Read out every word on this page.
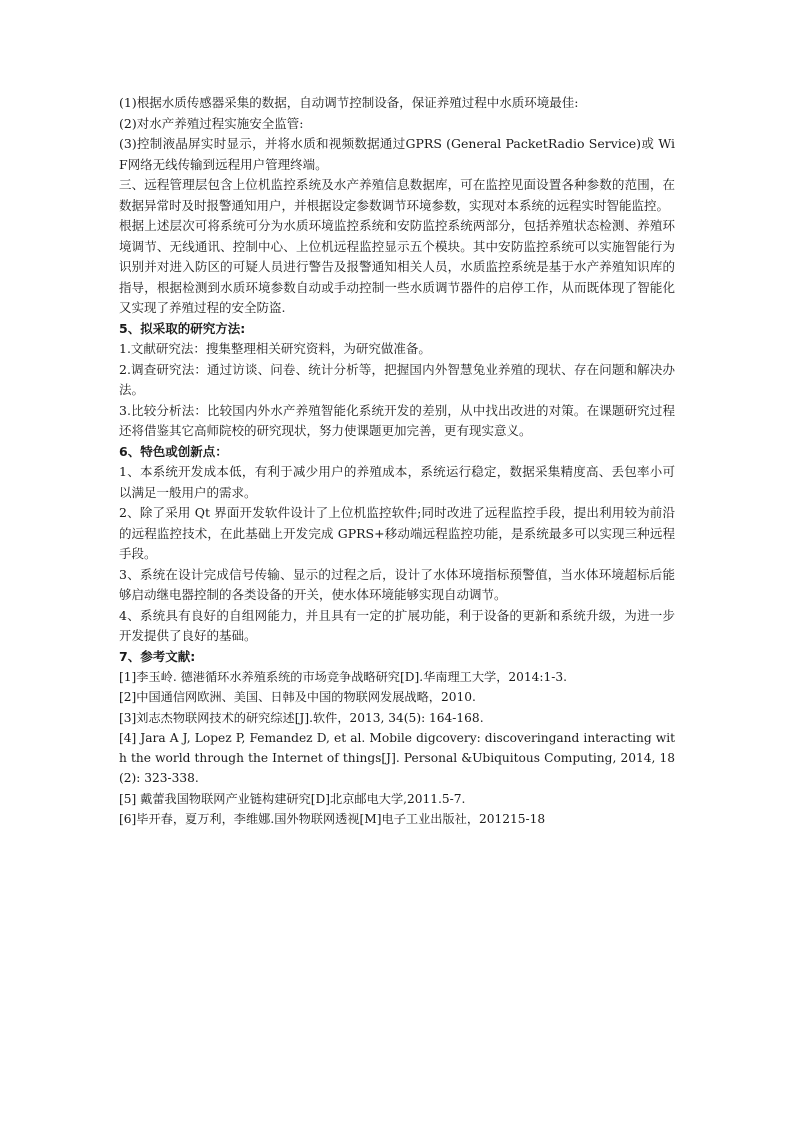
(1)根据水质传感器采集的数据，自动调节控制设备，保证养殖过程中水质环境最佳:

(2)对水产养殖过程实施安全监管:

(3)控制液晶屏实时显示，并将水质和视频数据通过GPRS (General PacketRadio Service)或 WiF网络无线传输到远程用户管理终端。

三、远程管理层包含上位机监控系统及水产养殖信息数据库，可在监控见面设置各种参数的范围，在数据异常时及时报警通知用户，并根据设定参数调节环境参数，实现对本系统的远程实时智能监控。

根据上述层次可将系统可分为水质环境监控系统和安防监控系统两部分，包括养殖状态检测、养殖环境调节、无线通讯、控制中心、上位机远程监控显示五个模块。其中安防监控系统可以实施智能行为识别并对进入防区的可疑人员进行警告及报警通知相关人员，水质监控系统是基于水产养殖知识库的指导，根据检测到水质环境参数自动或手动控制一些水质调节器件的启停工作，从而既体现了智能化又实现了养殖过程的安全防盗.

5、拟采取的研究方法:

1.文献研究法：搜集整理相关研究资料，为研究做准备。

2.调查研究法：通过访谈、问卷、统计分析等，把握国内外智慧兔业养殖的现状、存在问题和解决办法。

3.比较分析法：比较国内外水产养殖智能化系统开发的差别，从中找出改进的对策。在课题研究过程还将借鉴其它高师院校的研究现状，努力使课题更加完善，更有现实意义。

6、特色或创新点：

1、本系统开发成本低，有利于减少用户的养殖成本，系统运行稳定，数据采集精度高、丢包率小可以满足一般用户的需求。

2、除了采用 Qt 界面开发软件设计了上位机监控软件;同时改进了远程监控手段，提出利用较为前沿的远程监控技术，在此基础上开发完成 GPRS+移动端远程监控功能，是系统最多可以实现三种远程手段。

3、系统在设计完成信号传输、显示的过程之后，设计了水体环境指标预警值，当水体环境超标后能够启动继电器控制的各类设备的开关，使水体环境能够实现自动调节。

4、系统具有良好的自组网能力，并且具有一定的扩展功能，利于设备的更新和系统升级，为进一步开发提供了良好的基础。

7、参考文献:

[1]李玉岭. 德港循环水养殖系统的市场竞争战略研究[D].华南理工大学，2014:1-3.

[2]中国通信网欧洲、美国、日韩及中国的物联网发展战略，2010.

[3]刘志杰物联网技术的研究综述[J].软件，2013, 34(5): 164-168.

[4] Jara A J, Lopez P, Femandez D, et al. Mobile digcovery: discoveringand interacting with the world through the Internet of things[J]. Personal &Ubiquitous Computing, 2014, 18(2): 323-338.

[5] 戴蕾我国物联网产业链构建研究[D]北京邮电大学,2011.5-7.

[6]毕开春，夏万利，李维娜.国外物联网透视[M]电子工业出版社，201215-18
